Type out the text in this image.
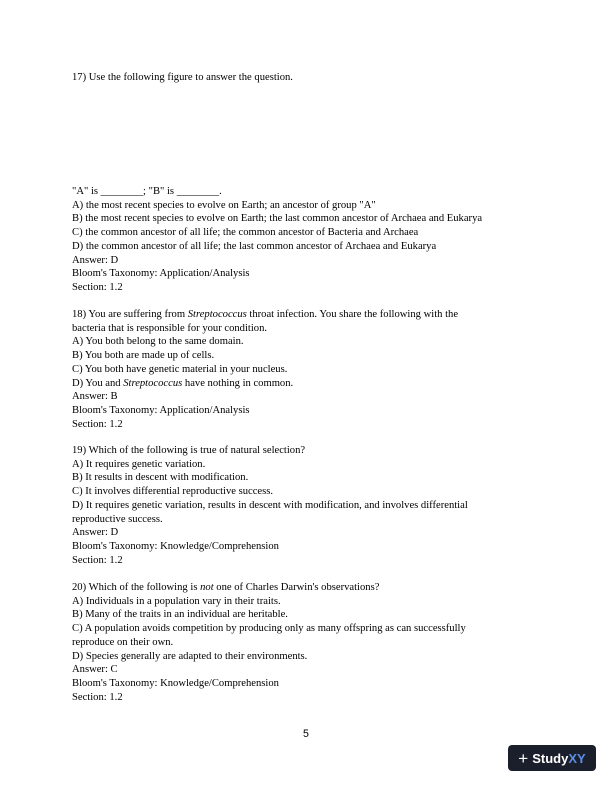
17) Use the following figure to answer the question.
"A" is ________; "B" is ________.
A) the most recent species to evolve on Earth; an ancestor of group "A"
B) the most recent species to evolve on Earth; the last common ancestor of Archaea and Eukarya
C) the common ancestor of all life; the common ancestor of Bacteria and Archaea
D) the common ancestor of all life; the last common ancestor of Archaea and Eukarya
Answer: D
Bloom's Taxonomy: Application/Analysis
Section: 1.2
18) You are suffering from Streptococcus throat infection. You share the following with the
bacteria that is responsible for your condition.
A) You both belong to the same domain.
B) You both are made up of cells.
C) You both have genetic material in your nucleus.
D) You and Streptococcus have nothing in common.
Answer: B
Bloom's Taxonomy: Application/Analysis
Section: 1.2
19) Which of the following is true of natural selection?
A) It requires genetic variation.
B) It results in descent with modification.
C) It involves differential reproductive success.
D) It requires genetic variation, results in descent with modification, and involves differential
reproductive success.
Answer: D
Bloom's Taxonomy: Knowledge/Comprehension
Section: 1.2
20) Which of the following is not one of Charles Darwin's observations?
A) Individuals in a population vary in their traits.
B) Many of the traits in an individual are heritable.
C) A population avoids competition by producing only as many offspring as can successfully
reproduce on their own.
D) Species generally are adapted to their environments.
Answer: C
Bloom's Taxonomy: Knowledge/Comprehension
Section: 1.2
5
+ Study XY
